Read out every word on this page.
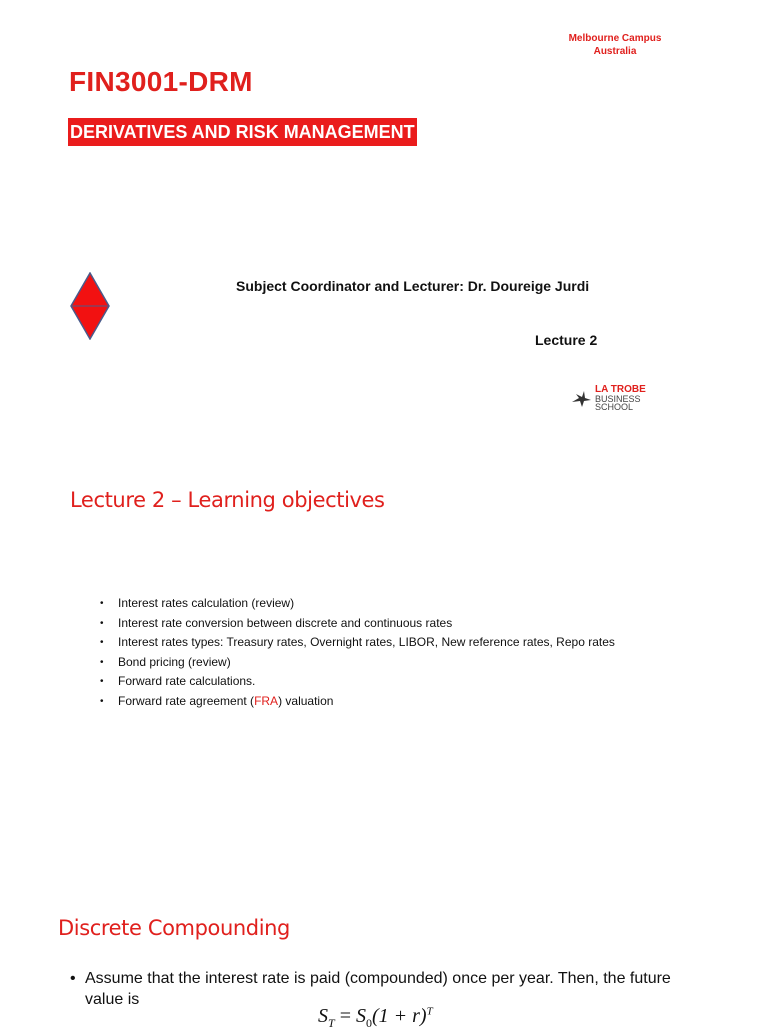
Melbourne Campus
Australia
FIN3001-DRM
DERIVATIVES AND RISK MANAGEMENT
Subject Coordinator and Lecturer: Dr. Doureige Jurdi
Lecture 2
LA TROBE
BUSINESS
SCHOOL
Lecture 2 – Learning objectives
• Interest rates calculation (review)
• Interest rate conversion between discrete and continuous rates
• Interest rates types: Treasury rates, Overnight rates, LIBOR, New reference rates, Repo rates
• Bond pricing (review)
• Forward rate calculations.
• Forward rate agreement (FRA) valuation
Discrete Compounding
• Assume that the interest rate is paid (compounded) once per year. Then, the future value is
$S_T = S_0(1 + r)^T$
